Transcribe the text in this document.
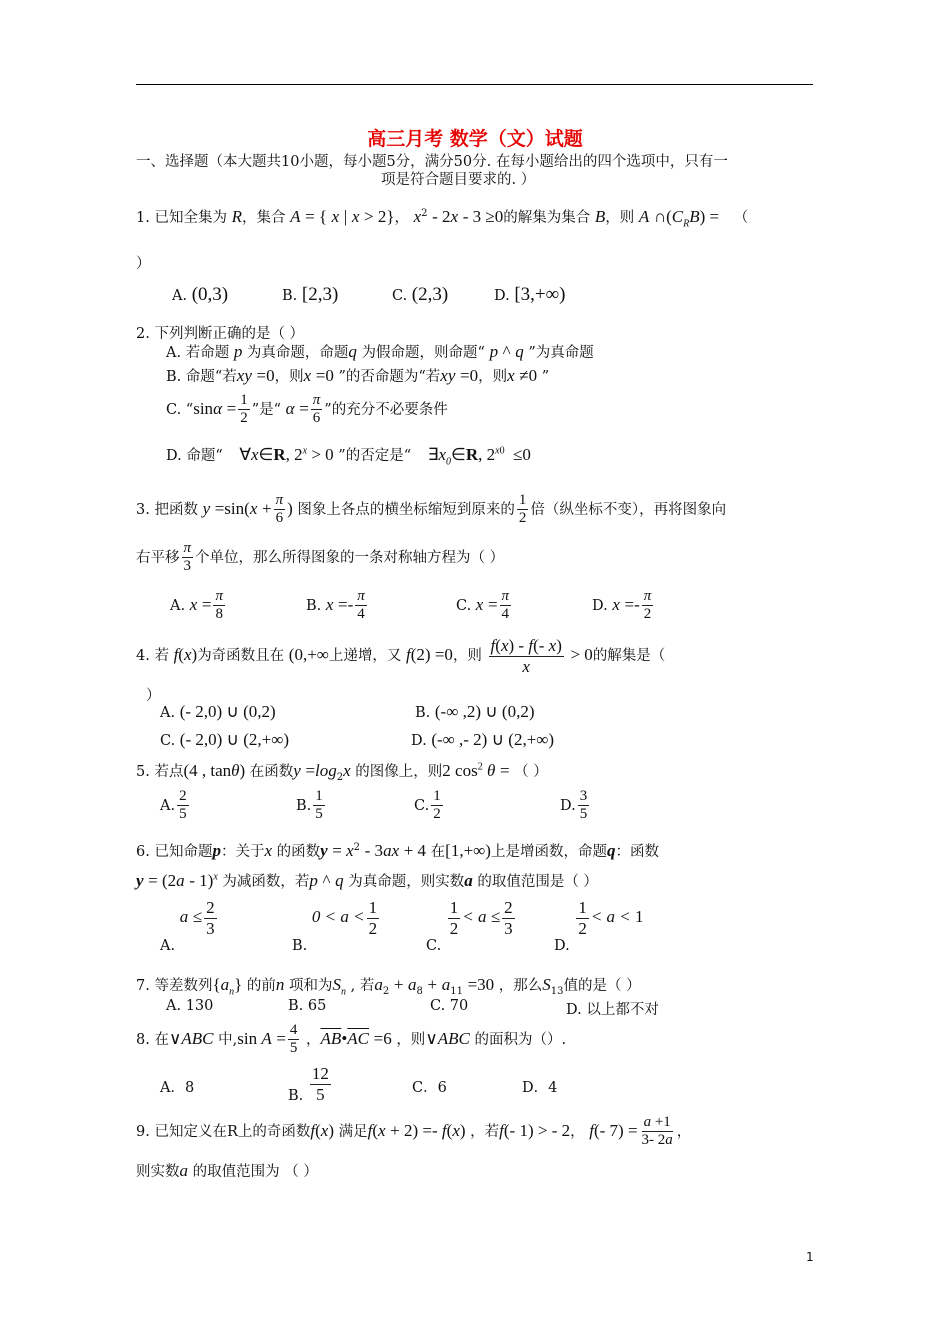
高三月考 数学（文）试题
一、选择题（本大题共10小题，每小题5分，满分50分. 在每小题给出的四个选项中，只有一
项是符合题目要求的. ）
1. 已知全集为 R，集合 A = { x | x > 2}， $x^2 - 2x - 3 \ge 0$的解集为集合 B，则 A $\cap(C_RB)$ = （
）
A. (0,3)	B. [2,3)	C. (2,3)	D. [3,+∞)
2. 下列判断正确的是（ ）
A. 若命题 p 为真命题，命题q 为假命题，则命题“ p ^ q ”为真命题
B. 命题“若xy =0，则x =0 ”的否命题为“若xy =0，则x ≠0 ”
C. “$\sin\alpha = \frac{1}{2}$ ”是“ $\alpha = \frac{\pi}{6}$ ”的充分不必要条件
D. 命题“ ∀x∈R, $2^x > 0$ ”的否定是“ $\exists x_0\in R$, $2^{x0} \le 0$
3. 把函数 $y =\sin(x + \frac{\pi}{6}$ ) 图象上各点的横坐标缩短到原来的 $\frac{1}{2}$ 倍（纵坐标不变），再将图象向
右平移 $\frac{\pi}{3}$ 个单位，那么所得图象的一条对称轴方程为（ ）
A. $x = \frac{\pi}{8}$	B. $x =- \frac{\pi}{4}$	C. $x = \frac{\pi}{4}$	D. $x =- \frac{\pi}{2}$
4. 若 f(x)为奇函数且在 (0,+∞上递增，又 f(2) =0，则 $\frac{f(x) - f(- x)}{x} > 0$的解集是（
）
A. (- 2,0) ∪ (0,2)	B. (-∞ ,2) ∪ (0,2)
C. (- 2,0) ∪ (2,+∞)	D. (-∞ ,- 2) ∪ (2,+∞)
5. 若点(4 , tanθ) 在函数$y =\log_2x$ 的图像上，则2 $\cos^2 \theta$ = （ ）
A. $\frac{2}{5}$	B. $\frac{1}{5}$	C. $\frac{1}{2}$	D. $\frac{3}{5}$
6. 已知命题p：关于x 的函数$y = x^2 - 3ax + 4$ 在[1,+∞)上是增函数，命题q：函数
y = (2a - 1)$^x$ 为减函数，若p ^ q 为真命题，则实数a 的取值范围是（ ）
A. $a \le \frac{2}{3}$
B. $0 < a < \frac{1}{2}$
C.
$\frac{1}{2} < a \le \frac{2}{3}$
D.
$\frac{1}{2} < a < 1$
7. 等差数列$\{a_n\}$ 的前n 项和为$S_n$ , 若$a_2 + a_8 + a_{11} =30$ ，那么$S_{13}$值的是（ ）
A. 130	B. 65	C. 70	D. 以上都不对
8. 在∨ABC 中,sin $A = \frac{4}{5}$ ，$\overline{AB}•\overline{AC} =6$ ，则∨ABC 的面积为（）.
A．8
B. $\frac{12}{5}$	C．6	D．4
9. 已知定义在R上的奇函数f(x) 满足f(x + 2) =- f(x) ，若f(- 1) > - 2， f(- $7) = \frac{a +1}{3- 2a}$ ，
则实数a 的取值范围为 （ ）
1
